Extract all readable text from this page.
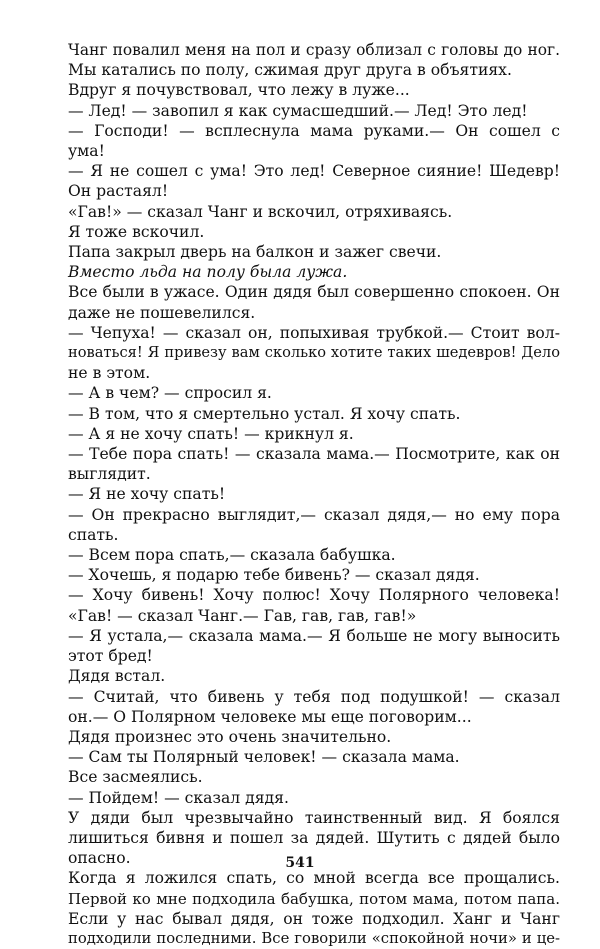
Чанг повалил меня на пол и сразу облизал с головы до ног.
Мы катались по полу, сжимая друг друга в объятиях.
Вдруг я почувствовал, что лежу в луже...
— Лед! — завопил я как сумасшедший.— Лед! Это лед!
— Господи! — всплеснула мама руками.— Он сошел с
ума!
— Я не сошел с ума! Это лед! Северное сияние! Шедевр!
Он растаял!
«Гав!» — сказал Чанг и вскочил, отряхиваясь.
Я тоже вскочил.
Папа закрыл дверь на балкон и зажег свечи.
Вместо льда на полу была лужа.
Все были в ужасе. Один дядя был совершенно спокоен. Он
даже не пошевелился.
— Чепуха! — сказал он, попыхивая трубкой.— Стоит вол-
новаться! Я привезу вам сколько хотите таких шедевров! Дело
не в этом.
— А в чем? — спросил я.
— В том, что я смертельно устал. Я хочу спать.
— А я не хочу спать! — крикнул я.
— Тебе пора спать! — сказала мама.— Посмотрите, как он
выглядит.
— Я не хочу спать!
— Он прекрасно выглядит,— сказал дядя,— но ему пора
спать.
— Всем пора спать,— сказала бабушка.
— Хочешь, я подарю тебе бивень? — сказал дядя.
— Хочу бивень! Хочу полюс! Хочу Полярного человека!
«Гав! — сказал Чанг.— Гав, гав, гав, гав!»
— Я устала,— сказала мама.— Я больше не могу выносить
этот бред!
Дядя встал.
— Считай, что бивень у тебя под подушкой! — сказал
он.— О Полярном человеке мы еще поговорим...
Дядя произнес это очень значительно.
— Сам ты Полярный человек! — сказала мама.
Все засмеялись.
— Пойдем! — сказал дядя.
У дяди был чрезвычайно таинственный вид. Я боялся
лишиться бивня и пошел за дядей. Шутить с дядей было
опасно.
Когда я ложился спать, со мной всегда все прощались.
Первой ко мне подходила бабушка, потом мама, потом папа.
Если у нас бывал дядя, он тоже подходил. Ханг и Чанг
подходили последними. Все говорили «спокойной ночи» и це-
541
